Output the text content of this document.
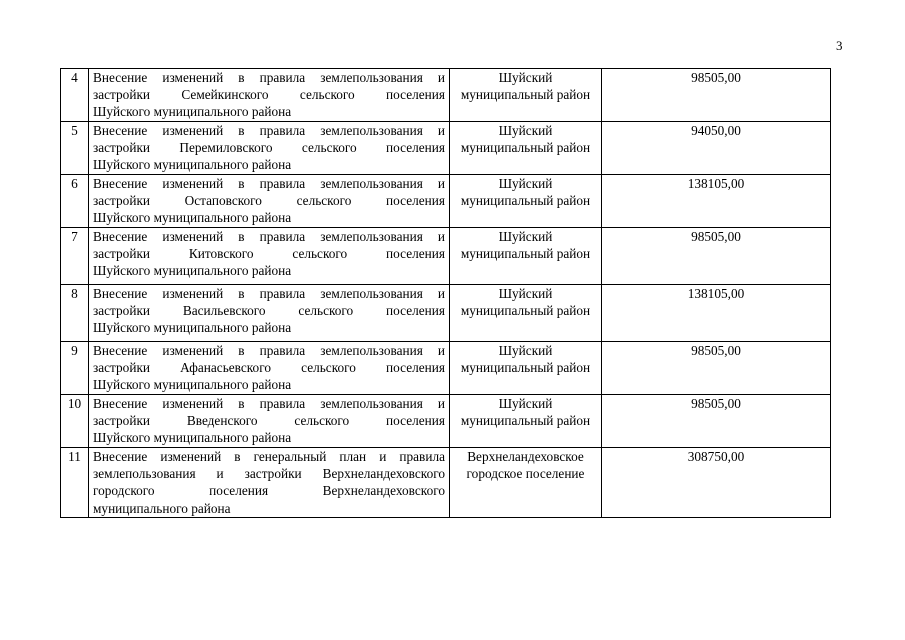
3
4	Внесение изменений в правила землепользования и застройки Семейкинского сельского поселения
Шуйского муниципального района	Шуйский муниципальный район	98505,00
5	Внесение изменений в правила землепользования и застройки Перемиловского сельского поселения
Шуйского муниципального района	Шуйский муниципальный район	94050,00
6	Внесение изменений в правила землепользования и застройки Остаповского сельского поселения
Шуйского муниципального района	Шуйский муниципальный район	138105,00
7	Внесение изменений в правила землепользования и застройки Китовского сельского поселения
Шуйского муниципального района	Шуйский муниципальный район	98505,00
8	Внесение изменений в правила землепользования и застройки Васильевского сельского поселения
Шуйского муниципального района	Шуйский муниципальный район	138105,00
9	Внесение изменений в правила землепользования и застройки Афанасьевского сельского поселения
Шуйского муниципального района	Шуйский муниципальный район	98505,00
10	Внесение изменений в правила землепользования и застройки Введенского сельского поселения
Шуйского муниципального района	Шуйский муниципальный район	98505,00
11	Внесение изменений в генеральный план и правила землепользования и застройки Верхнеландеховского городского поселения Верхнеландеховского
муниципального района	Верхнеландеховское городское поселение	308750,00
